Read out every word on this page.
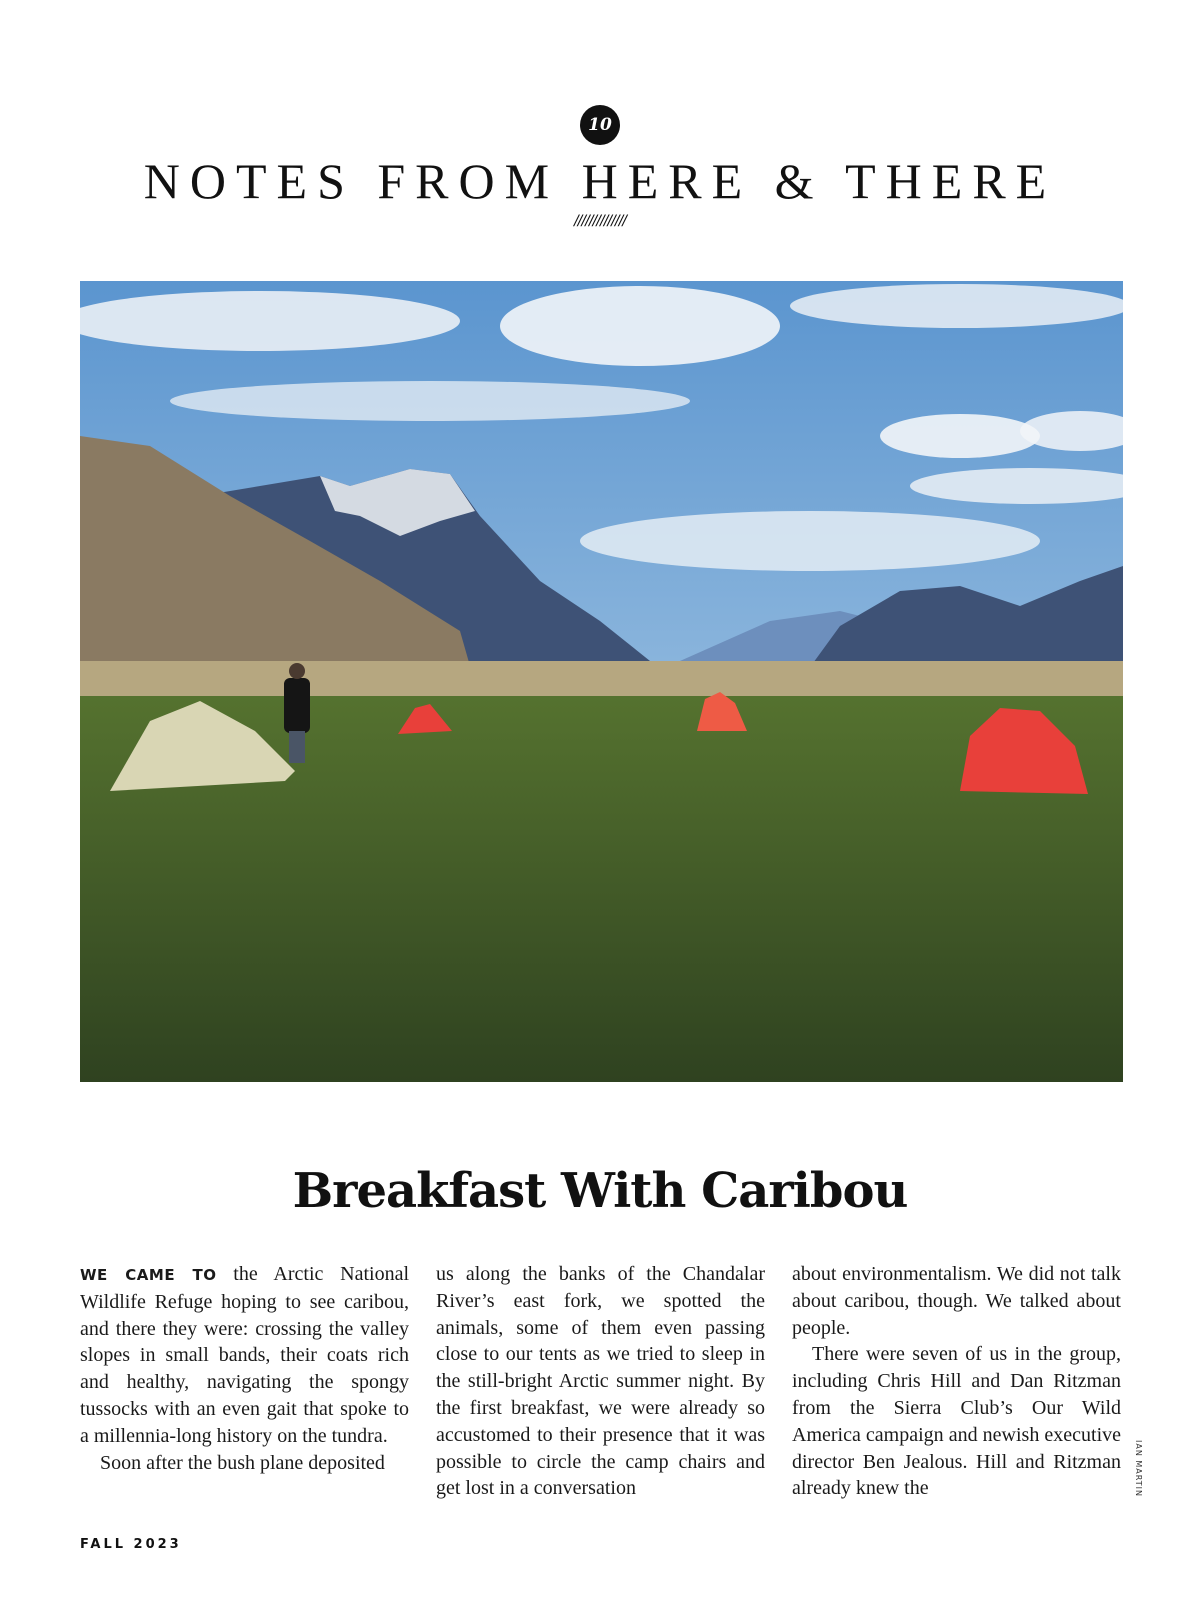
10
NOTES FROM HERE & THERE
//////////////
IAN MARTIN
Breakfast With Caribou

WE CAME TO the Arctic National Wildlife Refuge hoping to see caribou, and there they were: crossing the valley slopes in small bands, their coats rich and healthy, navigating the spongy tussocks with an even gait that spoke to a millennia-long history on the tundra.

Soon after the bush plane deposited

us along the banks of the Chandalar River’s east fork, we spotted the animals, some of them even passing close to our tents as we tried to sleep in the still-bright Arctic summer night. By the first breakfast, we were already so accustomed to their presence that it was possible to circle the camp chairs and get lost in a conversation

about environmentalism. We did not talk about caribou, though. We talked about people.

There were seven of us in the group, including Chris Hill and Dan Ritzman from the Sierra Club’s Our Wild America campaign and newish executive director Ben Jealous. Hill and Ritzman already knew the

FALL 2023
